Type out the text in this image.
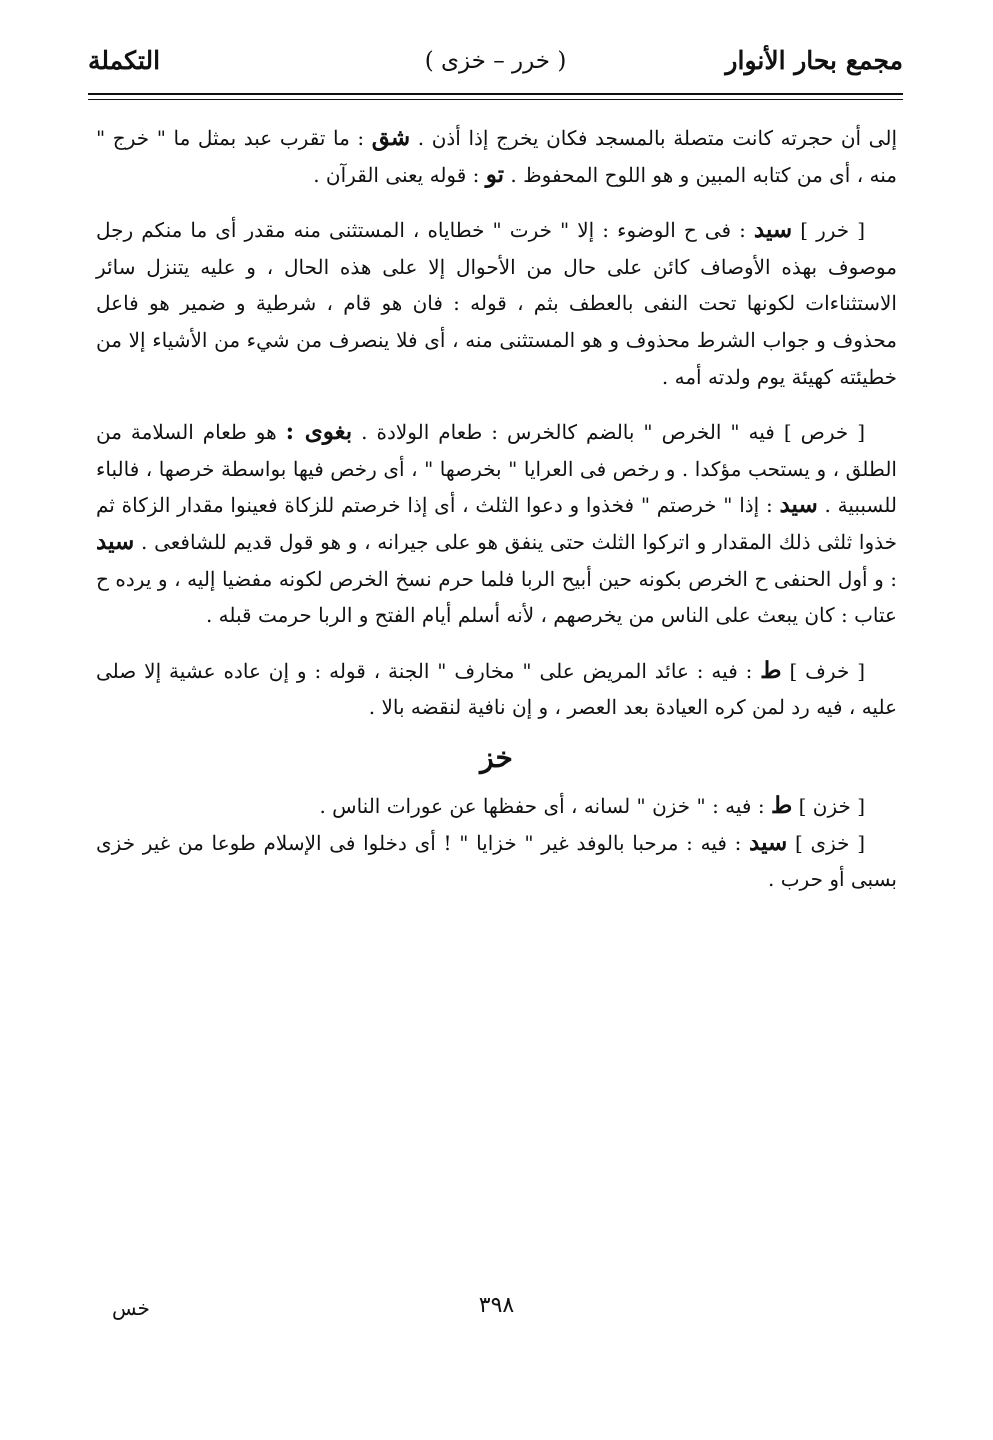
مجمع بحار الأنوار
( خرر – خزى )
التكملة

إلى أن حجرته كانت متصلة بالمسجد فكان يخرج إذا أذن . شق : ما تقرب عبد بمثل ما " خرج " منه ، أى من كتابه المبين و هو اللوح المحفوظ . تو : قوله يعنى القرآن .

[ خرر ] سيد : فى ح الوضوء : إلا " خرت " خطاياه ، المستثنى منه مقدر أى ما منكم رجل موصوف بهذه الأوصاف كائن على حال من الأحوال إلا على هذه الحال ، و عليه يتنزل سائر الاستثناءات لكونها تحت النفى بالعطف بثم ، قوله : فان هو قام ، شرطية و ضمير هو فاعل محذوف و جواب الشرط محذوف و هو المستثنى منه ، أى فلا ينصرف من شيء من الأشياء إلا من خطيئته كهيئة يوم ولدته أمه .

[ خرص ] فيه " الخرص " بالضم كالخرس : طعام الولادة . بغوى : هو طعام السلامة من الطلق ، و يستحب مؤكدا . و رخص فى العرايا " بخرصها " ، أى رخص فيها بواسطة خرصها ، فالباء للسببية . سيد : إذا " خرصتم " فخذوا و دعوا الثلث ، أى إذا خرصتم للزكاة فعينوا مقدار الزكاة ثم خذوا ثلثى ذلك المقدار و اتركوا الثلث حتى ينفق هو على جيرانه ، و هو قول قديم للشافعى . سيد : و أول الحنفى ح الخرص بكونه حين أبيح الربا فلما حرم نسخ الخرص لكونه مفضيا إليه ، و يرده ح عتاب : كان يبعث على الناس من يخرصهم ، لأنه أسلم أيام الفتح و الربا حرمت قبله .

[ خرف ] ط : فيه : عائد المريض على " مخارف " الجنة ، قوله : و إن عاده عشية إلا صلى عليه ، فيه رد لمن كره العيادة بعد العصر ، و إن نافية لنقضه بالا .

خز

[ خزن ] ط : فيه : " خزن " لسانه ، أى حفظها عن عورات الناس .

[ خزى ] سيد : فيه : مرحبا بالوفد غير " خزايا " ! أى دخلوا فى الإسلام طوعا من غير خزى بسبى أو حرب .

٣٩٨
خس
